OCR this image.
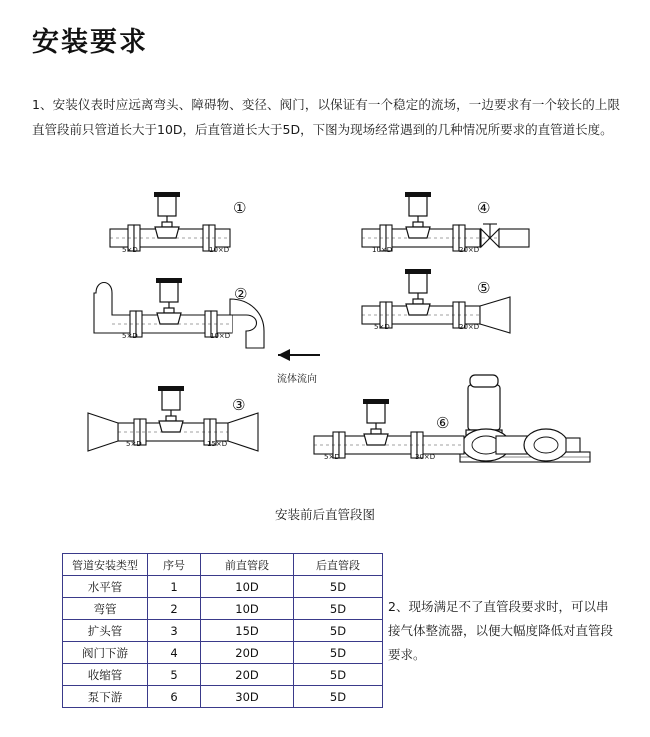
安装要求
1、安装仪表时应远离弯头、障碍物、变径、阀门，以保证有一个稳定的流场，一边要求有一个较长的上限直管段前只管道长大于10D，后直管道长大于5D，下图为现场经常遇到的几种情况所要求的直管道长度。
5×D	10×D
①
10×D	20×D
④
5×D	10×D
②
5×D	20×D
⑤
5×D	15×D
③
5×D	30×D
⑥
流体流向
安装前后直管段图
管道安装类型	序号	前直管段	后直管段
水平管	1	10D	5D
弯管	2	10D	5D
扩头管	3	15D	5D
阀门下游	4	20D	5D
收缩管	5	20D	5D
泵下游	6	30D	5D
2、现场满足不了直管段要求时，可以串接气体整流器，以便大幅度降低对直管段要求。
